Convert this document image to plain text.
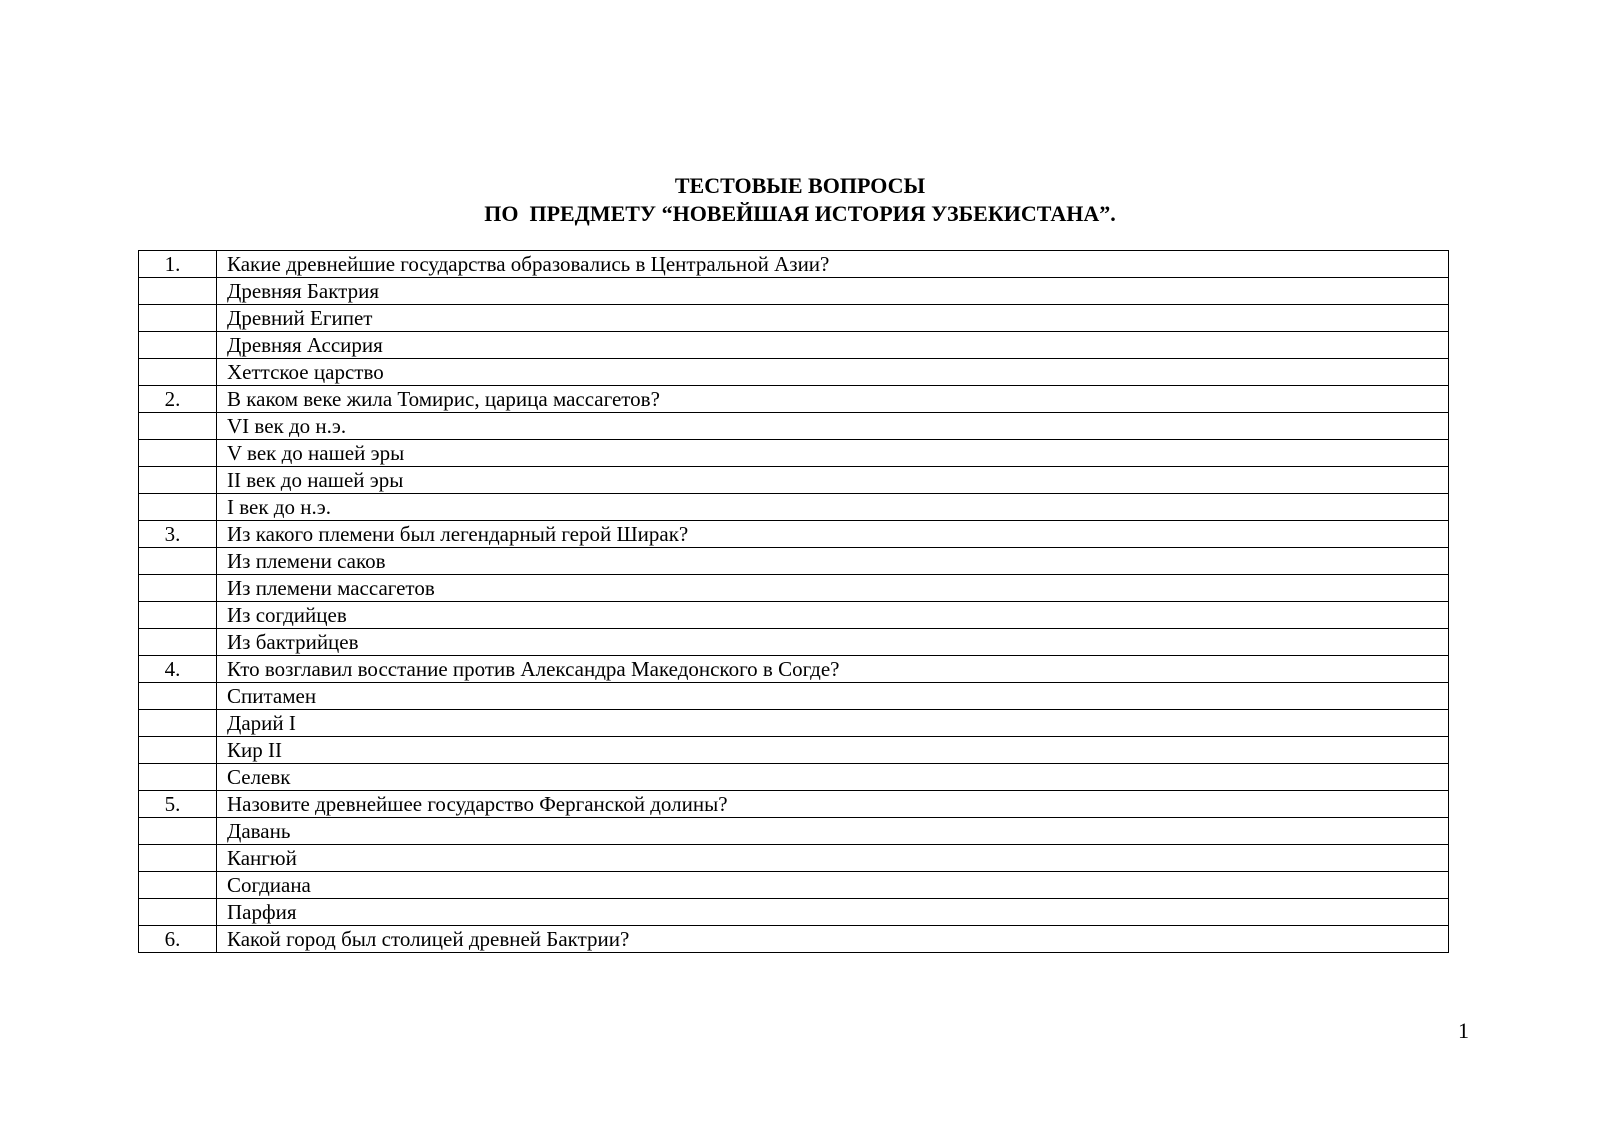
ТЕСТОВЫЕ ВОПРОСЫ
ПО  ПРЕДМЕТУ “НОВЕЙШАЯ ИСТОРИЯ УЗБЕКИСТАНА”.
1.	Какие древнейшие государства образовались в Центральной Азии?
	Древняя Бактрия
	Древний Египет
	Древняя Ассирия
	Хеттское царство
2.	В каком веке жила Томирис, царица массагетов?
	VI век до н.э.
	V век до нашей эры
	II век до нашей эры
	I век до н.э.
3.	Из какого племени был легендарный герой Ширак?
	Из племени саков
	Из племени массагетов
	Из согдийцев
	Из бактрийцев
4.	Кто возглавил восстание против Александра Македонского в Согде?
	Спитамен
	Дарий I
	Кир II
	Селевк
5.	Назовите древнейшее государство Ферганской долины?
	Давань
	Кангюй
	Согдиана
	Парфия
6.	Какой город был столицей древней Бактрии?
1
